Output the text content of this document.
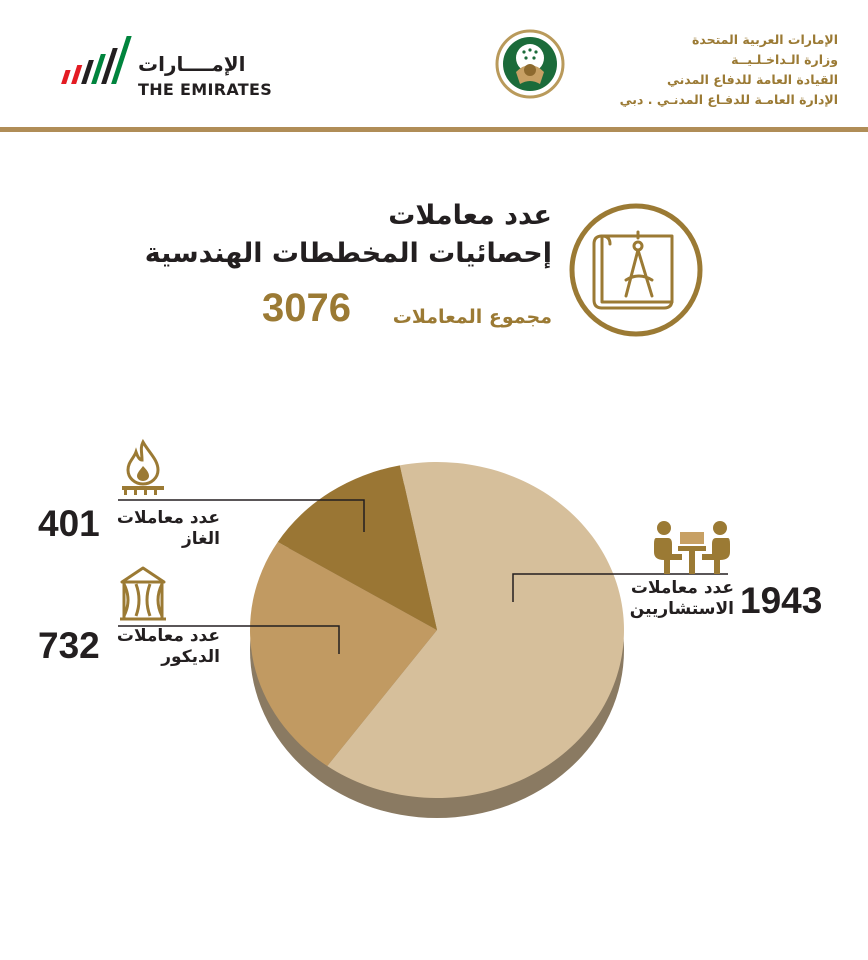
الإمــــارات
THE EMIRATES
الإمارات العربية المتحدة
وزارة الـداخـلـيــة
القيادة العامة للدفاع المدني
الإدارة العامـة للدفـاع المدنـي . دبي
عدد معاملات
إحصائيات المخططات الهندسية
مجموع المعاملات
3076
عدد معاملات
الغاز
401
عدد معاملات
الديكور
732
عدد معاملات
الاستشاريين 1943
